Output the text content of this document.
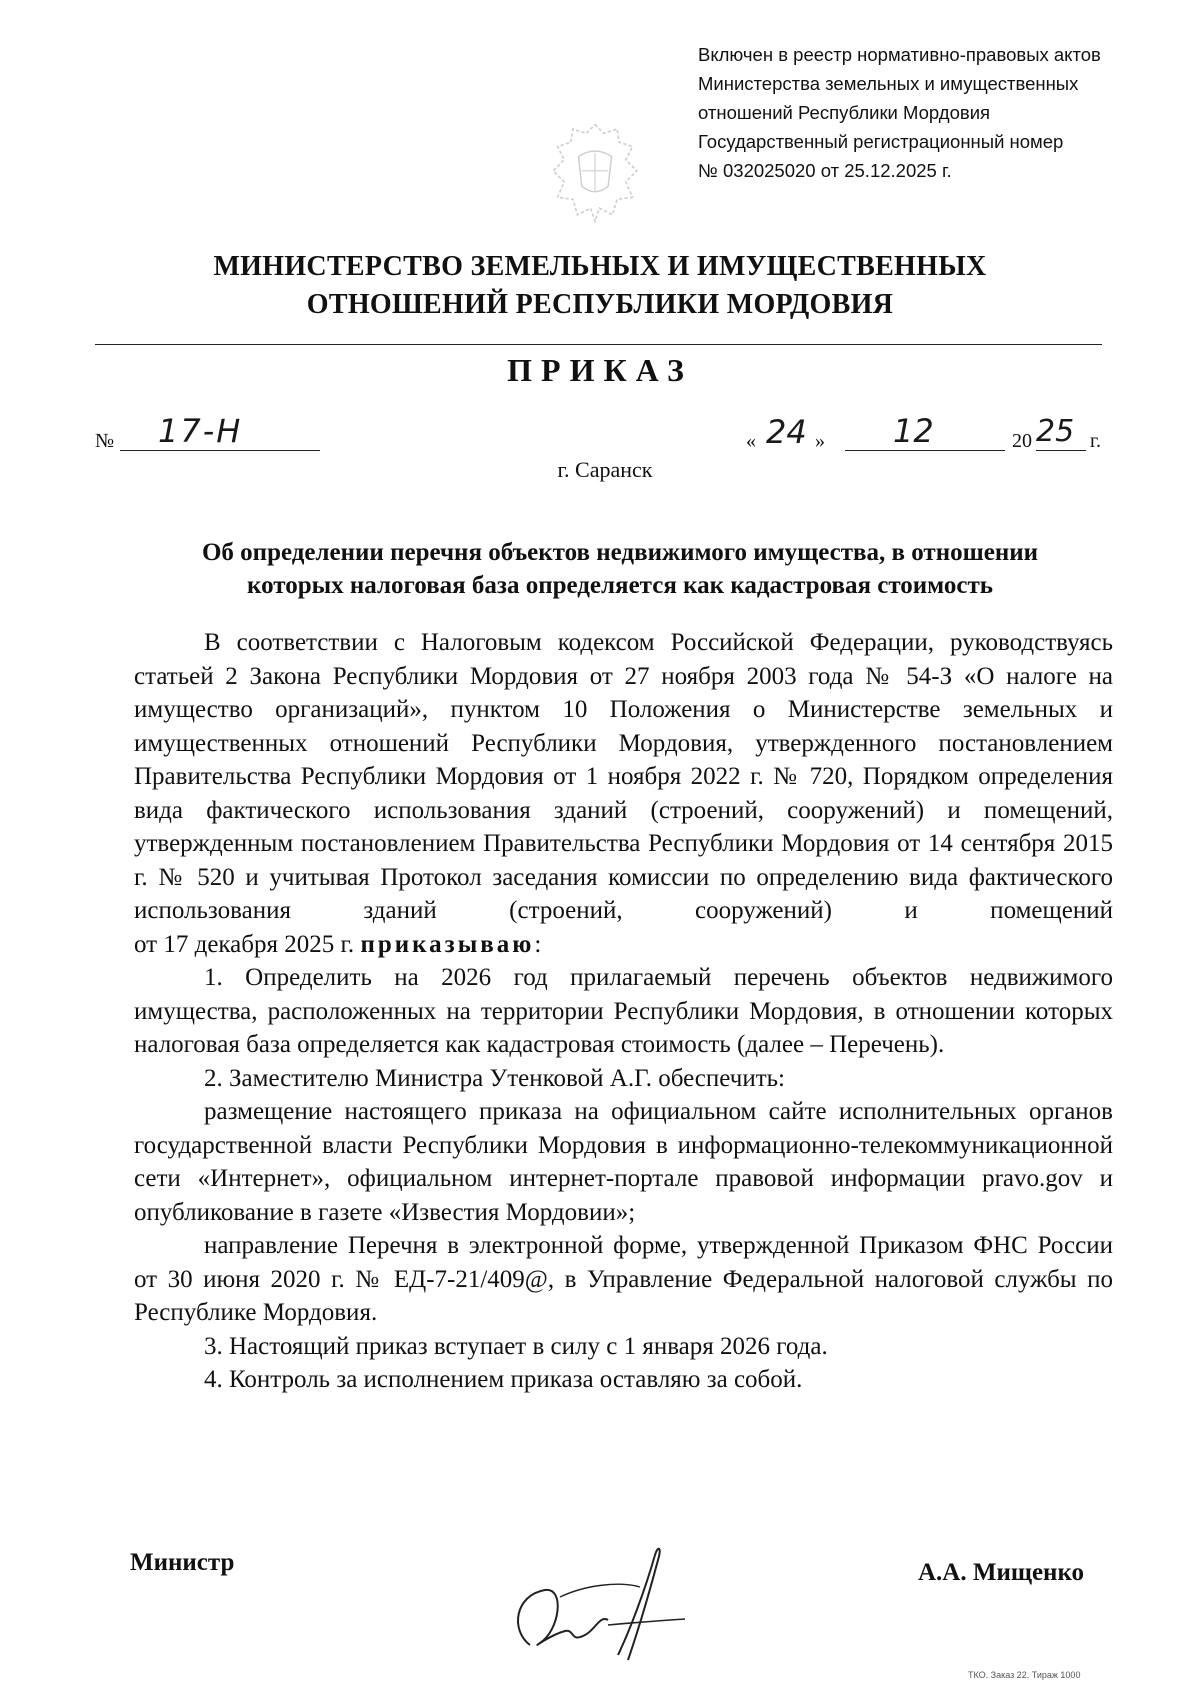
Включен в реестр нормативно-правовых актов
Министерства земельных и имущественных
отношений Республики Мордовия
Государственный регистрационный номер
№ 032025020 от 25.12.2025 г.
МИНИСТЕРСТВО ЗЕМЕЛЬНЫХ И ИМУЩЕСТВЕННЫХ
ОТНОШЕНИЙ РЕСПУБЛИКИ МОРДОВИЯ
ПРИКАЗ
№ 17-Н	« 24 » 12	20 25 г.
г. Саранск
Об определении перечня объектов недвижимого имущества, в отношении
которых налоговая база определяется как кадастровая стоимость

В соответствии с Налоговым кодексом Российской Федерации, руководствуясь статьей 2 Закона Республики Мордовия от 27 ноября 2003 года № 54-З «О налоге на имущество организаций», пунктом 10 Положения о Министерстве земельных и имущественных отношений Республики Мордовия, утвержденного постановлением Правительства Республики Мордовия от 1 ноября 2022 г. № 720, Порядком определения вида фактического использования зданий (строений, сооружений) и помещений, утвержденным постановлением Правительства Республики Мордовия от 14 сентября 2015 г. № 520 и учитывая Протокол заседания комиссии по определению вида фактического использования зданий (строений, сооружений) и помещений

от 17 декабря 2025 г. приказываю:

1. Определить на 2026 год прилагаемый перечень объектов недвижимого имущества, расположенных на территории Республики Мордовия, в отношении которых налоговая база определяется как кадастровая стоимость (далее – Перечень).

2. Заместителю Министра Утенковой А.Г. обеспечить:

размещение настоящего приказа на официальном сайте исполнительных органов государственной власти Республики Мордовия в информационно-телекоммуникационной сети «Интернет», официальном интернет-портале правовой информации pravo.gov и опубликование в газете «Известия Мордовии»;

направление Перечня в электронной форме, утвержденной Приказом ФНС России от 30 июня 2020 г. № ЕД-7-21/409@, в Управление Федеральной налоговой службы по Республике Мордовия.

3. Настоящий приказ вступает в силу с 1 января 2026 года.

4. Контроль за исполнением приказа оставляю за собой.

Министр	А.А. Мищенко
ТКО. Заказ 22. Тираж 1000
